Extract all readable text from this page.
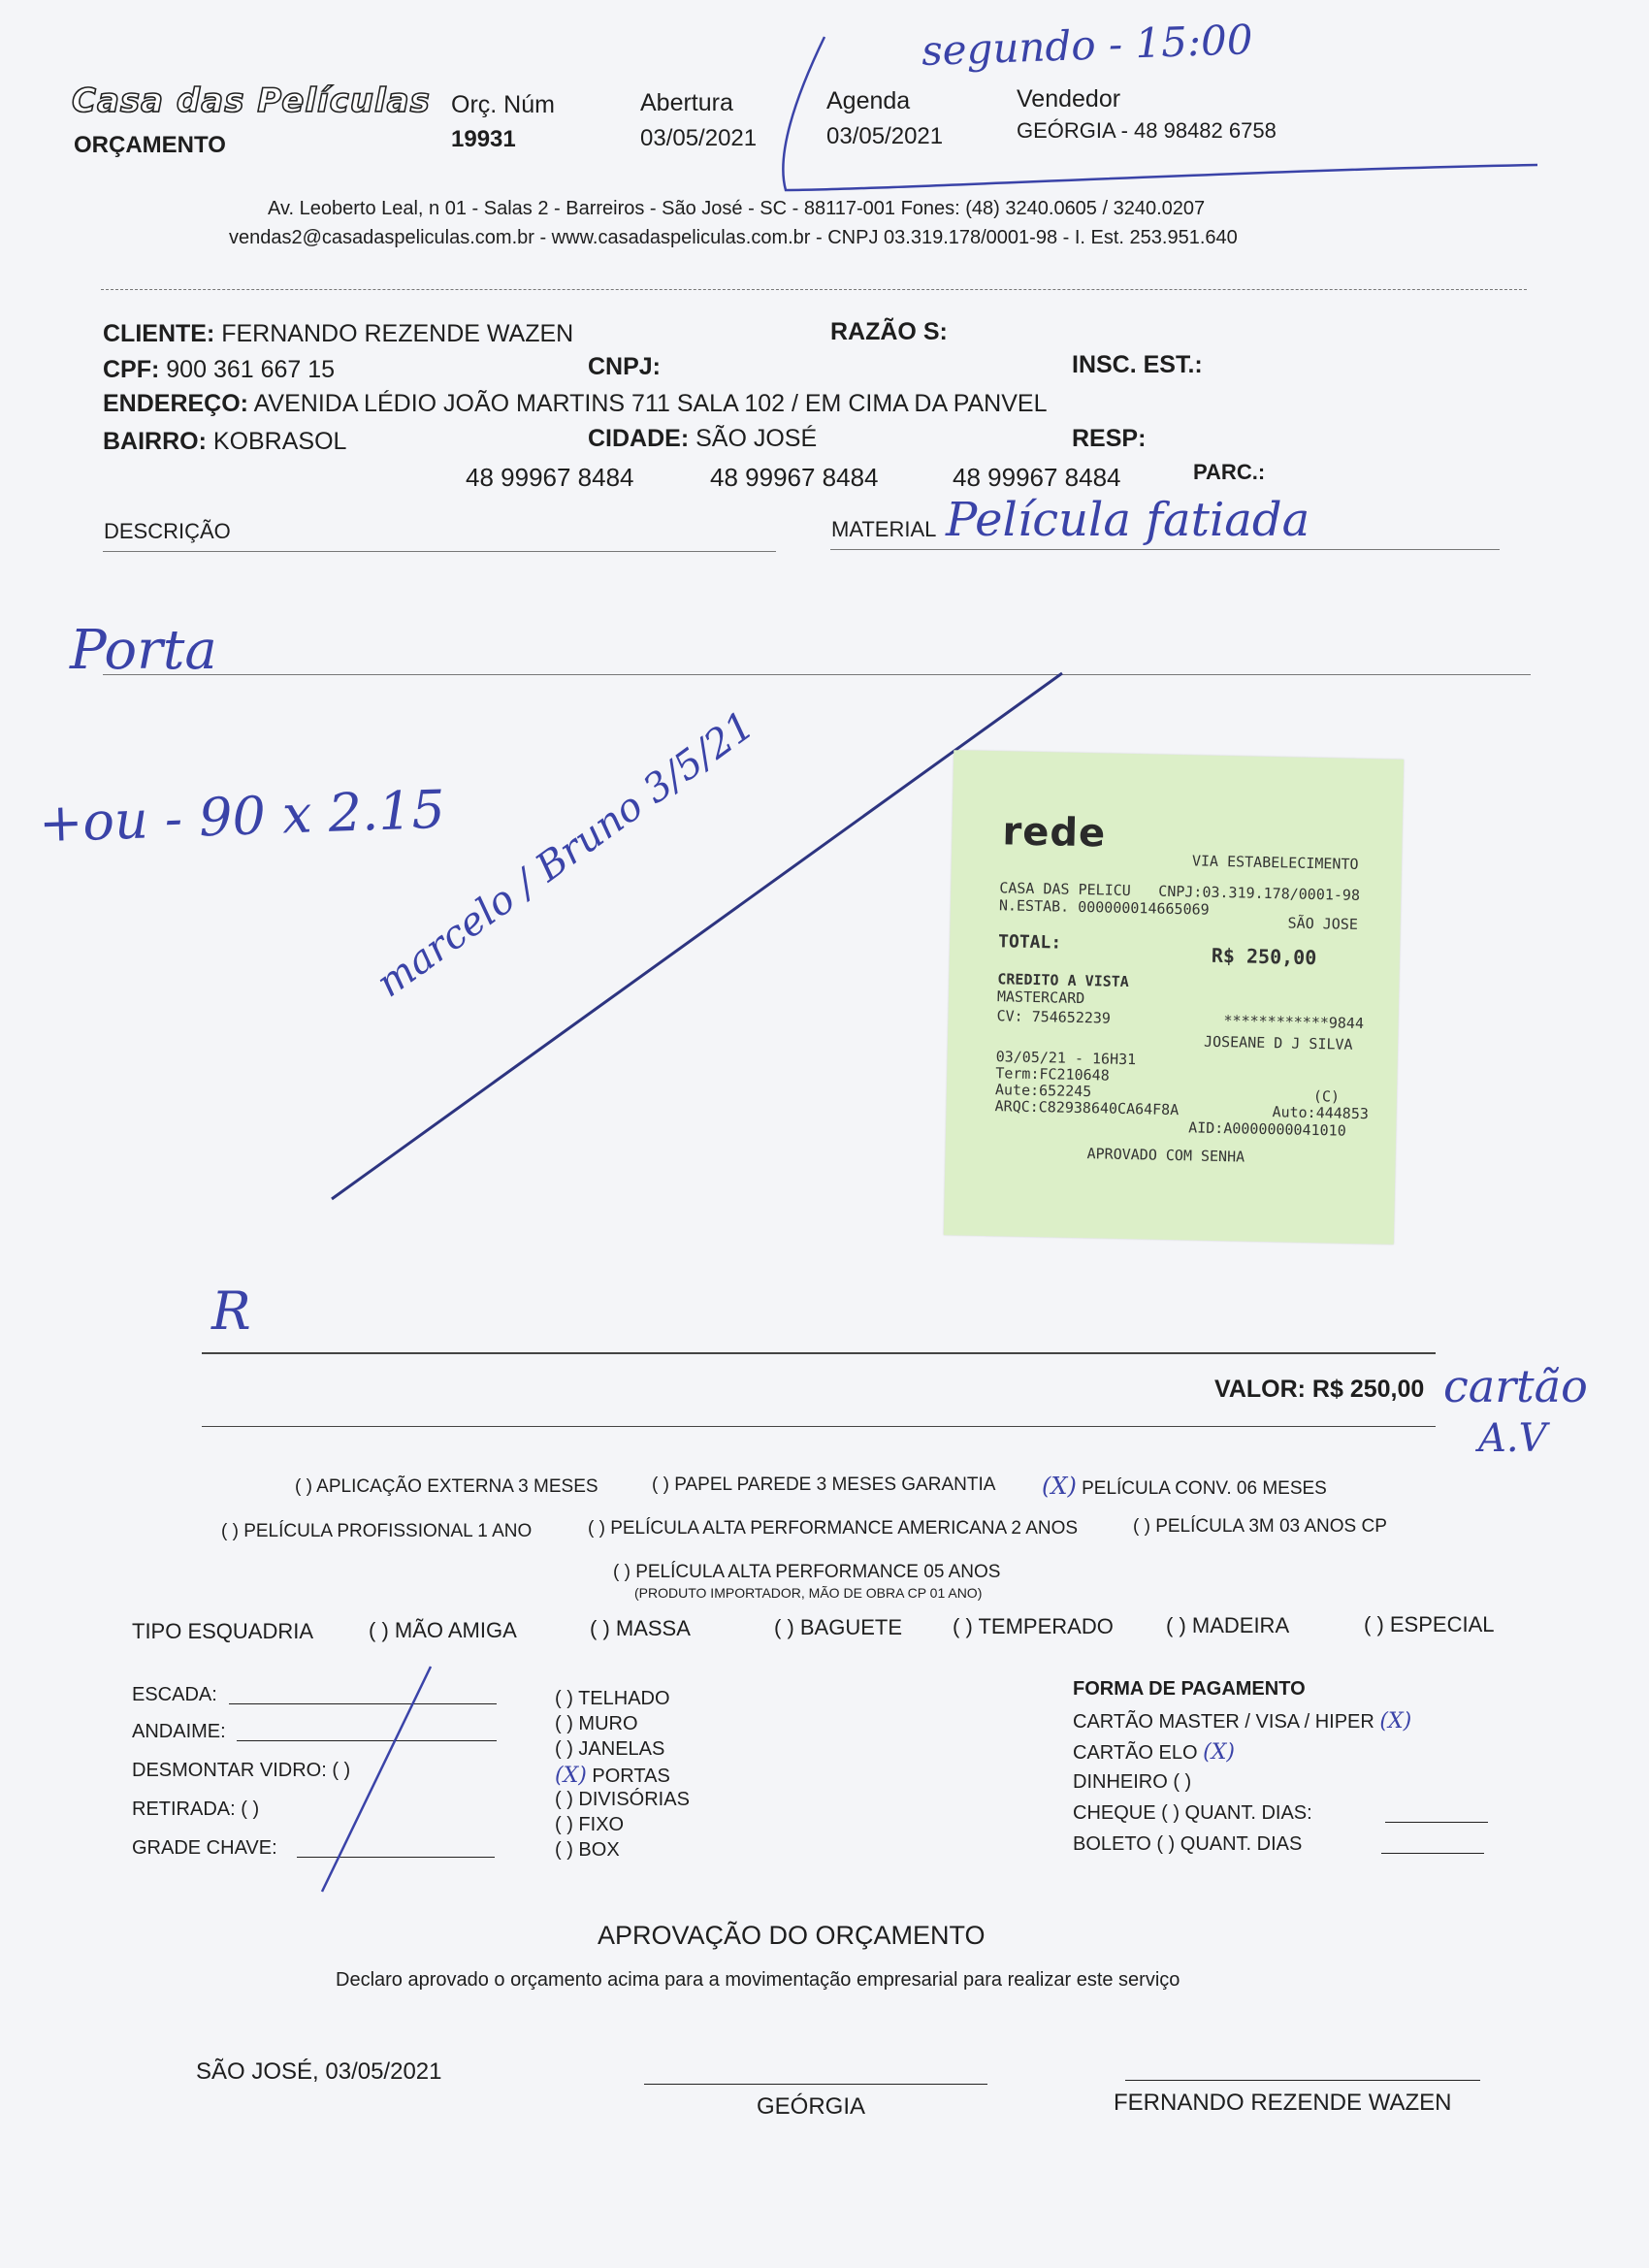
Casa das Películas
ORÇAMENTO
Orç. Núm
19931
Abertura
03/05/2021
Agenda
03/05/2021
Vendedor
GEÓRGIA - 48 98482 6758
segundo - 15:00
Av. Leoberto Leal, n 01 - Salas 2 - Barreiros - São José - SC - 88117-001 Fones: (48) 3240.0605 / 3240.0207
vendas2@casadaspeliculas.com.br - www.casadaspeliculas.com.br - CNPJ 03.319.178/0001-98 - I. Est. 253.951.640
CLIENTE: FERNANDO REZENDE WAZEN	RAZÃO S:
CPF: 900 361 667 15	CNPJ:	INSC. EST.:
ENDEREÇO: AVENIDA LÉDIO JOÃO MARTINS 711 SALA 102 / EM CIMA DA PANVEL
BAIRRO: KOBRASOL	CIDADE: SÃO JOSÉ	RESP:
48 99967 8484	48 99967 8484	48 99967 8484	PARC.:
DESCRIÇÃO	MATERIAL Película fatiada
Porta
+ou - 90 x 2.15
marcelo / Bruno 3/5/21	rede
VIA ESTABELECIMENTO
CASA DAS PELICU CNPJ:03.319.178/0001-98
N.ESTAB. 000000014665069
SÃO JOSE
TOTAL:
R$ 250,00
CREDITO A VISTA
MASTERCARD
************9844
CV: 754652239
JOSEANE D J SILVA
03/05/21 - 16H31
Term:FC210648
Aute:652245	(C)
ARQC:C82938640CA64F8A	Auto:444853
AID:A0000000041010
APROVADO COM SENHA
R
VALOR: R$ 250,00 cartão
A.V
( ) APLICAÇÃO EXTERNA 3 MESES	( ) PAPEL PAREDE 3 MESES GARANTIA (X) PELÍCULA CONV. 06 MESES
( ) PELÍCULA PROFISSIONAL 1 ANO	( ) PELÍCULA ALTA PERFORMANCE AMERICANA 2 ANOS	( ) PELÍCULA 3M 03 ANOS CP
( ) PELÍCULA ALTA PERFORMANCE 05 ANOS
(PRODUTO IMPORTADOR, MÃO DE OBRA CP 01 ANO)
TIPO ESQUADRIA	( ) MÃO AMIGA	( ) MASSA	( ) BAGUETE ( ) TEMPERADO ( ) MADEIRA	( ) ESPECIAL
ESCADA:
ANDAIME:
DESMONTAR VIDRO: ( )
RETIRADA: ( )
GRADE CHAVE:
( ) TELHADO
( ) MURO
( ) JANELAS
(X) PORTAS
( ) DIVISÓRIAS
( ) FIXO
( ) BOX
FORMA DE PAGAMENTO
CARTÃO MASTER / VISA / HIPER (X)
CARTÃO ELO (X)
DINHEIRO ( )
CHEQUE ( ) QUANT. DIAS:
BOLETO ( ) QUANT. DIAS
APROVAÇÃO DO ORÇAMENTO
Declaro aprovado o orçamento acima para a movimentação empresarial para realizar este serviço
SÃO JOSÉ, 03/05/2021
GEÓRGIA	FERNANDO REZENDE WAZEN
